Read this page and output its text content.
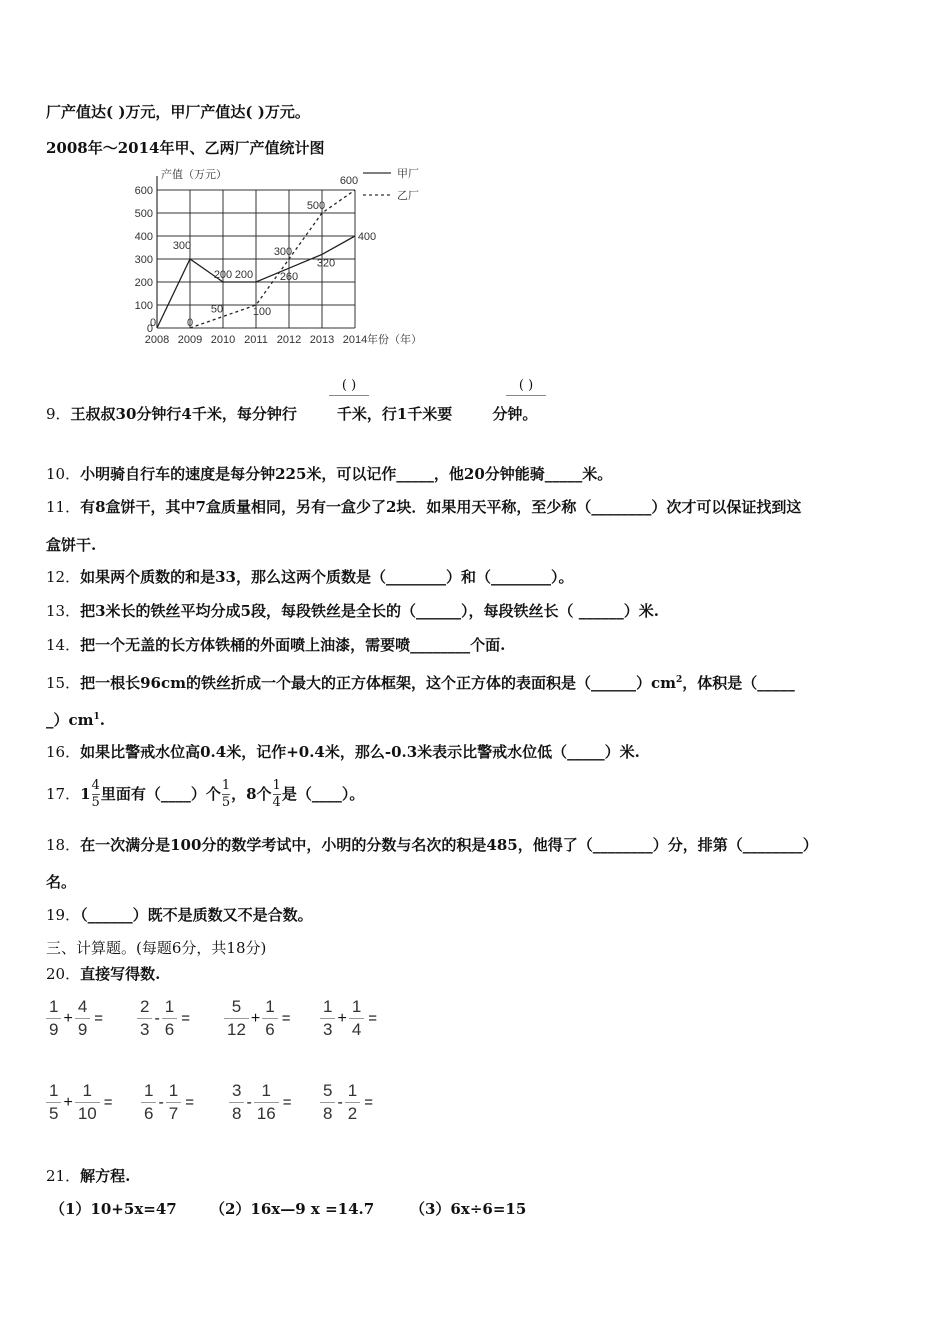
厂产值达( )万元，甲厂产值达( )万元。
2008年～2014年甲、乙两厂产值统计图
0
100
200
300
400
500
600
2008 2009 2010 2011 2012 2013 2014
产值（万元）
年份（年）
甲厂
乙厂
0
300
200 200 260
320
400
0
50	100
300
500
600
( )	( )
9．王叔叔30分钟行4千米，每分钟行	千米，行1千米要	分钟。
10．小明骑自行车的速度是每分钟225米，可以记作_____，他20分钟能骑_____米。
11．有8盒饼干，其中7盒质量相同，另有一盒少了2块．如果用天平称，至少称（________）次才可以保证找到这
盒饼干.
12．如果两个质数的和是33，那么这两个质数是（________）和（________）。
13．把3米长的铁丝平均分成5段，每段铁丝是全长的（______），每段铁丝长（ ______）米.
14．把一个无盖的长方体铁桶的外面喷上油漆，需要喷________个面.
15．把一根长96cm的铁丝折成一个最大的正方体框架，这个正方体的表面积是$(\_\_\_\_\_\_)cm^2$，体积是（_____
$\_)cm^1$.
16．如果比警戒水位高0.4米，记作+0.4米，那么-0.3米表示比警戒水位低（_____）米.
17． $1 \frac{4}{5}$ 里面有（____）个 $\frac{1}{5}$ ，8个 $\frac{1}{4}$ 是（____）。
18．在一次满分是100分的数学考试中，小明的分数与名次的积是485，他得了（________）分，排第（________）
名。
19．（______）既不是质数又不是合数。
三、计算题。(每题6分，共18分)
20．直接写得数.
$\frac{1}{9} + \frac{4}{9} = \frac{2}{3} - \frac{1}{6} = \frac{5}{12} + \frac{1}{6} = \frac{1}{3} + \frac{1}{4}$ =
$\frac{1}{5} + \frac{1}{10} = \frac{1}{6} - \frac{1}{7} = \frac{3}{8} - \frac{1}{16} = \frac{5}{8} - \frac{1}{2}$ =
21．解方程.
（1）10+5x=47 （2）16x—9 x =14.7 （3）6x÷6=15
